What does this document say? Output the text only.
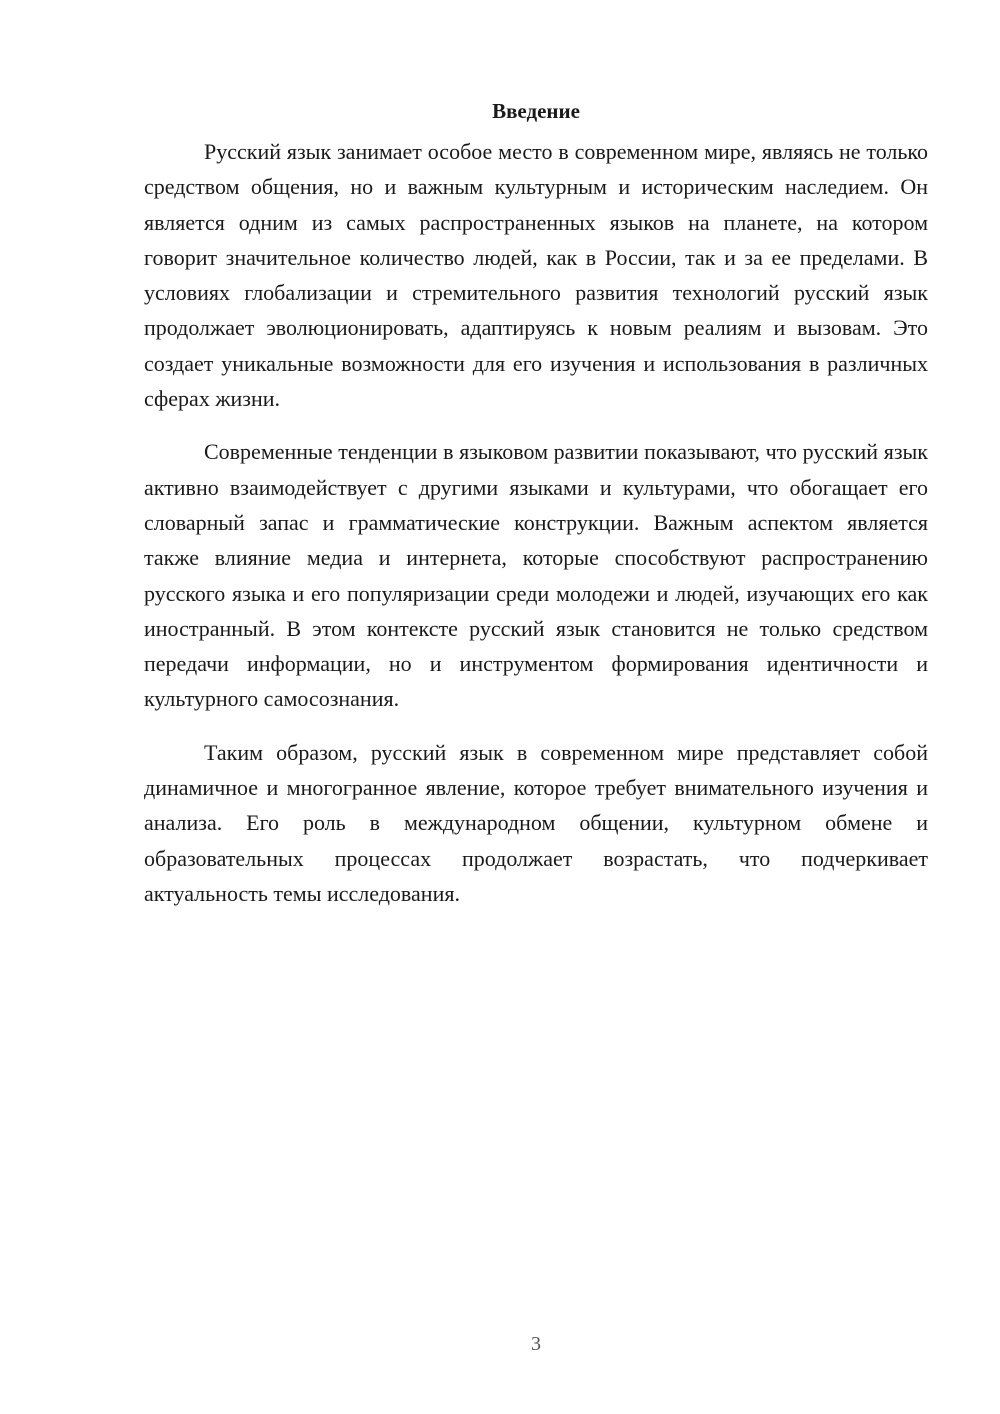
Введение

Русский язык занимает особое место в современном мире, являясь не только средством общения, но и важным культурным и историческим наследием. Он является одним из самых распространенных языков на планете, на котором говорит значительное количество людей, как в России, так и за ее пределами. В условиях глобализации и стремительного развития технологий русский язык продолжает эволюционировать, адаптируясь к новым реалиям и вызовам. Это создает уникальные возможности для его изучения и использования в различных сферах жизни.

Современные тенденции в языковом развитии показывают, что русский язык активно взаимодействует с другими языками и культурами, что обогащает его словарный запас и грамматические конструкции. Важным аспектом является также влияние медиа и интернета, которые способствуют распространению русского языка и его популяризации среди молодежи и людей, изучающих его как иностранный. В этом контексте русский язык становится не только средством передачи информации, но и инструментом формирования идентичности и культурного самосознания.

Таким образом, русский язык в современном мире представляет собой динамичное и многогранное явление, которое требует внимательного изучения и анализа. Его роль в международном общении, культурном обмене и образовательных процессах продолжает возрастать, что подчеркивает актуальность темы исследования.

3
